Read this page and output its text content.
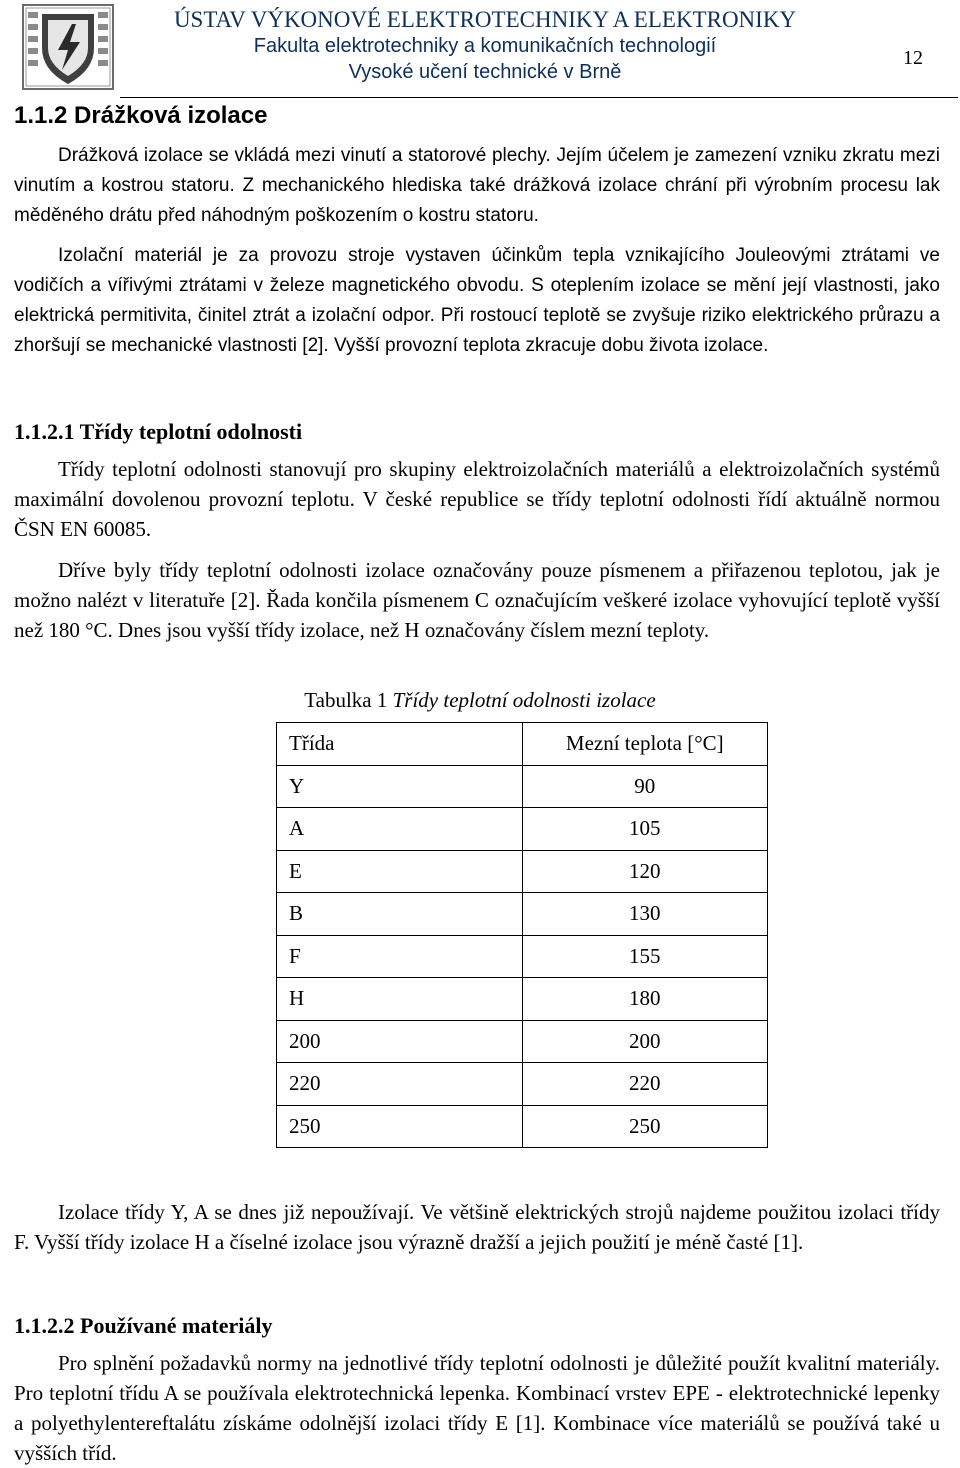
ÚSTAV VÝKONOVÉ ELEKTROTECHNIKY A ELEKTRONIKY
Fakulta elektrotechniky a komunikačních technologií
Vysoké učení technické v Brně
12
1.1.2 Drážková izolace

Drážková izolace se vkládá mezi vinutí a statorové plechy. Jejím účelem je zamezení vzniku zkratu mezi vinutím a kostrou statoru. Z mechanického hlediska také drážková izolace chrání při výrobním procesu lak měděného drátu před náhodným poškozením o kostru statoru.

Izolační materiál je za provozu stroje vystaven účinkům tepla vznikajícího Jouleovými ztrátami ve vodičích a vířivými ztrátami v železe magnetického obvodu. S oteplením izolace se mění její vlastnosti, jako elektrická permitivita, činitel ztrát a izolační odpor. Při rostoucí teplotě se zvyšuje riziko elektrického průrazu a zhoršují se mechanické vlastnosti [2]. Vyšší provozní teplota zkracuje dobu života izolace.

1.1.2.1 Třídy teplotní odolnosti

Třídy teplotní odolnosti stanovují pro skupiny elektroizolačních materiálů a elektroizolačních systémů maximální dovolenou provozní teplotu. V české republice se třídy teplotní odolnosti řídí aktuálně normou ČSN EN 60085.

Dříve byly třídy teplotní odolnosti izolace označovány pouze písmenem a přiřazenou teplotou, jak je možno nalézt v literatuře [2]. Řada končila písmenem C označujícím veškeré izolace vyhovující teplotě vyšší než 180 °C. Dnes jsou vyšší třídy izolace, než H označovány číslem mezní teploty.

Tabulka 1 Třídy teplotní odolnosti izolace
Třída	Mezní teplota [°C]
Y	90
A	105
E	120
B	130
F	155
H	180
200	200
220	220
250	250

Izolace třídy Y, A se dnes již nepoužívají. Ve většině elektrických strojů najdeme použitou izolaci třídy F. Vyšší třídy izolace H a číselné izolace jsou výrazně dražší a jejich použití je méně časté [1].

1.1.2.2 Používané materiály

Pro splnění požadavků normy na jednotlivé třídy teplotní odolnosti je důležité použít kvalitní materiály. Pro teplotní třídu A se používala elektrotechnická lepenka. Kombinací vrstev EPE - elektrotechnické lepenky a polyethylentereftalátu získáme odolnější izolaci třídy E [1]. Kombinace více materiálů se používá také u vyšších tříd.
